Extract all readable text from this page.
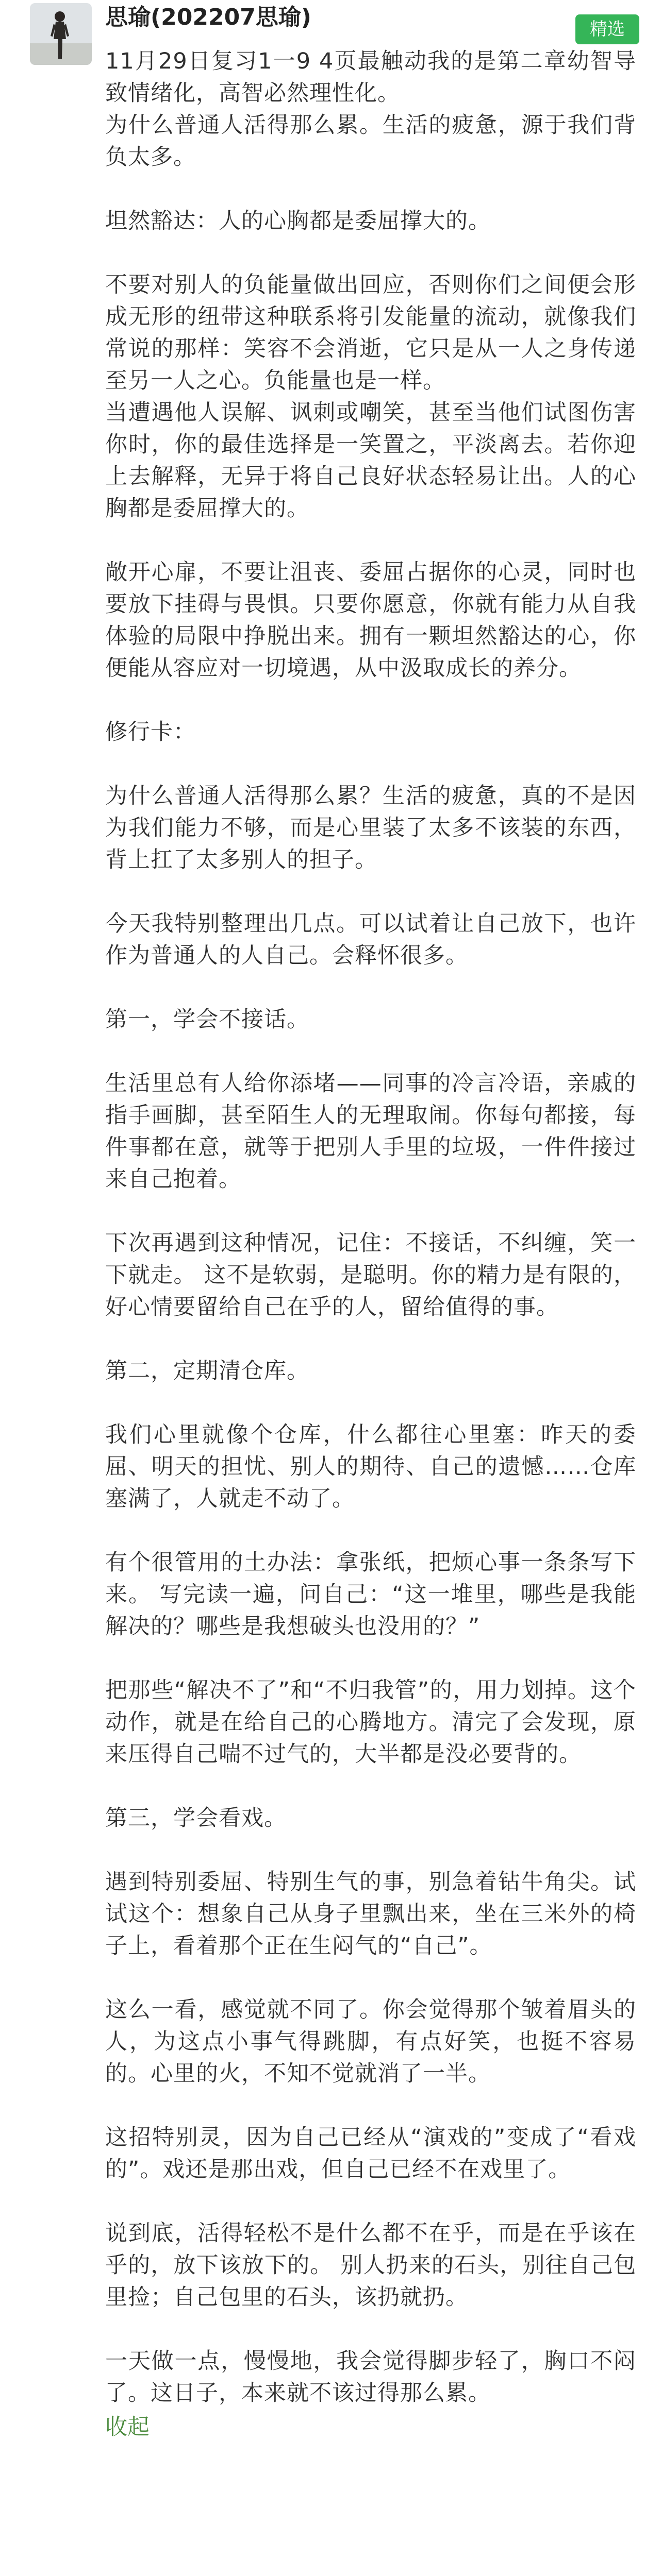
思瑜(202207思瑜)	精选

11月29日复习1一9 4页最触动我的是第二章幼智导致情绪化，高智必然理性化。

为什么普通人活得那么累。生活的疲惫，源于我们背负太多。

坦然豁达：人的心胸都是委屈撑大的。

不要对别人的负能量做出回应，否则你们之间便会形成无形的纽带这种联系将引发能量的流动，就像我们常说的那样：笑容不会消逝，它只是从一人之身传递至另一人之心。负能量也是一样。

当遭遇他人误解、讽刺或嘲笑，甚至当他们试图伤害你时，你的最佳选择是一笑置之，平淡离去。若你迎上去解释，无异于将自己良好状态轻易让出。人的心胸都是委屈撑大的。

敞开心扉，不要让沮丧、委屈占据你的心灵，同时也要放下挂碍与畏惧。只要你愿意，你就有能力从自我体验的局限中挣脱出来。拥有一颗坦然豁达的心，你便能从容应对一切境遇，从中汲取成长的养分。

修行卡：

为什么普通人活得那么累？生活的疲惫，真的不是因为我们能力不够，而是心里装了太多不该装的东西，背上扛了太多别人的担子。

今天我特别整理出几点。可以试着让自己放下，也许作为普通人的人自己。会释怀很多。

第一，学会不接话。

生活里总有人给你添堵——同事的冷言冷语，亲戚的指手画脚，甚至陌生人的无理取闹。你每句都接，每件事都在意，就等于把别人手里的垃圾，一件件接过来自己抱着。

下次再遇到这种情况，记住：不接话，不纠缠，笑一下就走。 这不是软弱，是聪明。你的精力是有限的，好心情要留给自己在乎的人，留给值得的事。

第二，定期清仓库。

我们心里就像个仓库，什么都往心里塞：昨天的委屈、明天的担忧、别人的期待、自己的遗憾……仓库塞满了，人就走不动了。

有个很管用的土办法：拿张纸，把烦心事一条条写下来。 写完读一遍，问自己：“这一堆里，哪些是我能解决的？哪些是我想破头也没用的？”

把那些“解决不了”和“不归我管”的，用力划掉。这个动作，就是在给自己的心腾地方。清完了会发现，原来压得自己喘不过气的，大半都是没必要背的。

第三，学会看戏。

遇到特别委屈、特别生气的事，别急着钻牛角尖。试试这个：想象自己从身子里飘出来，坐在三米外的椅子上，看着那个正在生闷气的“自己”。

这么一看，感觉就不同了。你会觉得那个皱着眉头的人，为这点小事气得跳脚，有点好笑，也挺不容易的。心里的火，不知不觉就消了一半。

这招特别灵，因为自己已经从“演戏的”变成了“看戏的”。戏还是那出戏，但自己已经不在戏里了。

说到底，活得轻松不是什么都不在乎，而是在乎该在乎的，放下该放下的。 别人扔来的石头，别往自己包里捡；自己包里的石头，该扔就扔。

一天做一点，慢慢地，我会觉得脚步轻了，胸口不闷了。这日子，本来就不该过得那么累。

收起
